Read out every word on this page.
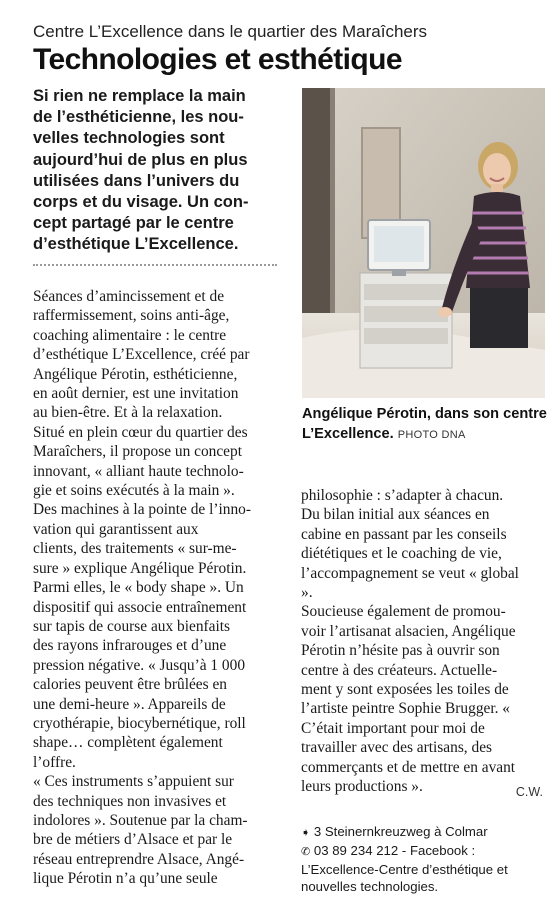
Centre L’Excellence dans le quartier des Maraîchers
Technologies et esthétique
Si rien ne remplace la main
de l’esthéticienne, les nou-
velles technologies sont
aujourd’hui de plus en plus
utilisées dans l’univers du
corps et du visage. Un con-
cept partagé par le centre
d’esthétique L’Excellence.
Angélique Pérotin, dans son centre L’Excellence. PHOTO DNA
Séances d’amincissement et de
raffermissement, soins anti-âge,
coaching alimentaire : le centre
d’esthétique L’Excellence, créé par
Angélique Pérotin, esthéticienne,
en août dernier, est une invitation
au bien-être. Et à la relaxation.
Situé en plein cœur du quartier des
Maraîchers, il propose un concept
innovant, « alliant haute technolo-
gie et soins exécutés à la main ».
Des machines à la pointe de l’inno-
vation qui garantissent aux
clients, des traitements « sur-me-
sure » explique Angélique Pérotin.
Parmi elles, le « body shape ». Un
dispositif qui associe entraînement
sur tapis de course aux bienfaits
des rayons infrarouges et d’une
pression négative. « Jusqu’à 1 000
calories peuvent être brûlées en
une demi-heure ». Appareils de
cryothérapie, biocybernétique, roll
shape… complètent également
l’offre.
« Ces instruments s’appuient sur
des techniques non invasives et
indolores ». Soutenue par la cham-
bre de métiers d’Alsace et par le
réseau entreprendre Alsace, Angé-
lique Pérotin n’a qu’une seule
philosophie : s’adapter à chacun.
Du bilan initial aux séances en
cabine en passant par les conseils
diététiques et le coaching de vie,
l’accompagnement se veut « global
».
Soucieuse également de promou-
voir l’artisanat alsacien, Angélique
Pérotin n’hésite pas à ouvrir son
centre à des créateurs. Actuelle-
ment y sont exposées les toiles de
l’artiste peintre Sophie Brugger. «
C’était important pour moi de
travailler avec des artisans, des
commerçants et de mettre en avant
leurs productions ».	C.W.
➧ 3 Steinernkreuzweg à Colmar
✆ 03 89 234 212 - Facebook :
L’Excellence-Centre d’esthétique et
nouvelles technologies.
